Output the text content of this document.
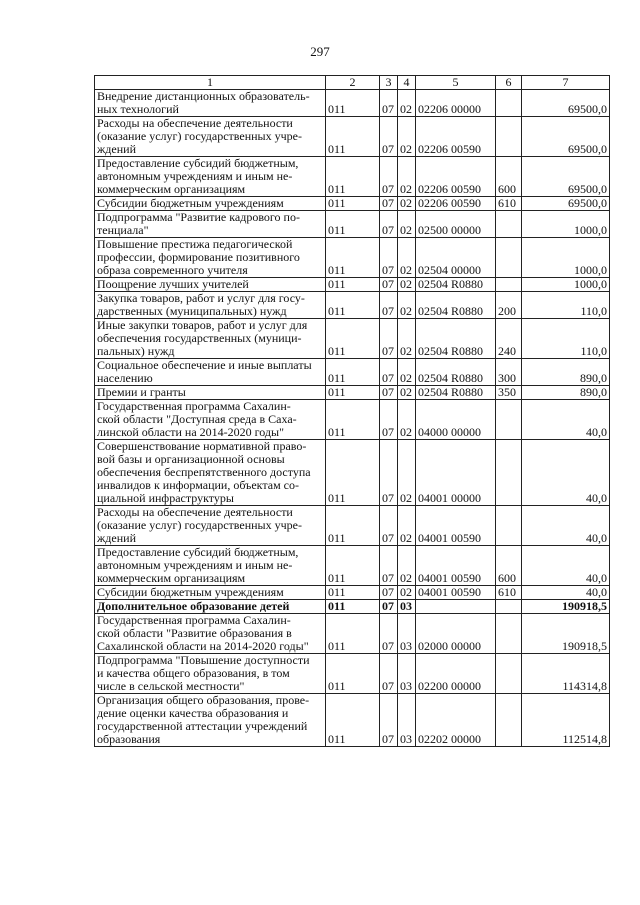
297
1	2	3	4	5	6	7

Внедрение дистанционных образователь-
ных технологий	011	07	02	02206 00000		69500,0

Расходы на обеспечение деятельности
(оказание услуг) государственных учре-
ждений	011	07	02	02206 00590		69500,0

Предоставление субсидий бюджетным,
автономным учреждениям и иным не-
коммерческим организациям	011	07	02	02206 00590	600	69500,0

Субсидии бюджетным учреждениям	011	07	02	02206 00590	610	69500,0

Подпрограмма "Развитие кадрового по-
тенциала"	011	07	02	02500 00000		1000,0

Повышение престижа педагогической
профессии, формирование позитивного
образа современного учителя	011	07	02	02504 00000		1000,0

Поощрение лучших учителей	011	07	02	02504 R0880		1000,0

Закупка товаров, работ и услуг для госу-
дарственных (муниципальных) нужд	011	07	02	02504 R0880	200	110,0

Иные закупки товаров, работ и услуг для
обеспечения государственных (муници-
пальных) нужд	011	07	02	02504 R0880	240	110,0

Социальное обеспечение и иные выплаты
населению	011	07	02	02504 R0880	300	890,0

Премии и гранты	011	07	02	02504 R0880	350	890,0

Государственная программа Сахалин-
ской области "Доступная среда в Саха-
линской области на 2014-2020 годы"	011	07	02	04000 00000		40,0

Совершенствование нормативной право-
вой базы и организационной основы
обеспечения беспрепятственного доступа
инвалидов к информации, объектам со-
циальной инфраструктуры	011	07	02	04001 00000		40,0

Расходы на обеспечение деятельности
(оказание услуг) государственных учре-
ждений	011	07	02	04001 00590		40,0

Предоставление субсидий бюджетным,
автономным учреждениям и иным не-
коммерческим организациям	011	07	02	04001 00590	600	40,0

Субсидии бюджетным учреждениям	011	07	02	04001 00590	610	40,0

Дополнительное образование детей	011	07	03			190918,5

Государственная программа Сахалин-
ской области "Развитие образования в
Сахалинской области на 2014-2020 годы"	011	07	03	02000 00000		190918,5

Подпрограмма "Повышение доступности
и качества общего образования, в том
числе в сельской местности"	011	07	03	02200 00000		114314,8

Организация общего образования, прове-
дение оценки качества образования и
государственной аттестации учреждений
образования	011	07	03	02202 00000		112514,8
